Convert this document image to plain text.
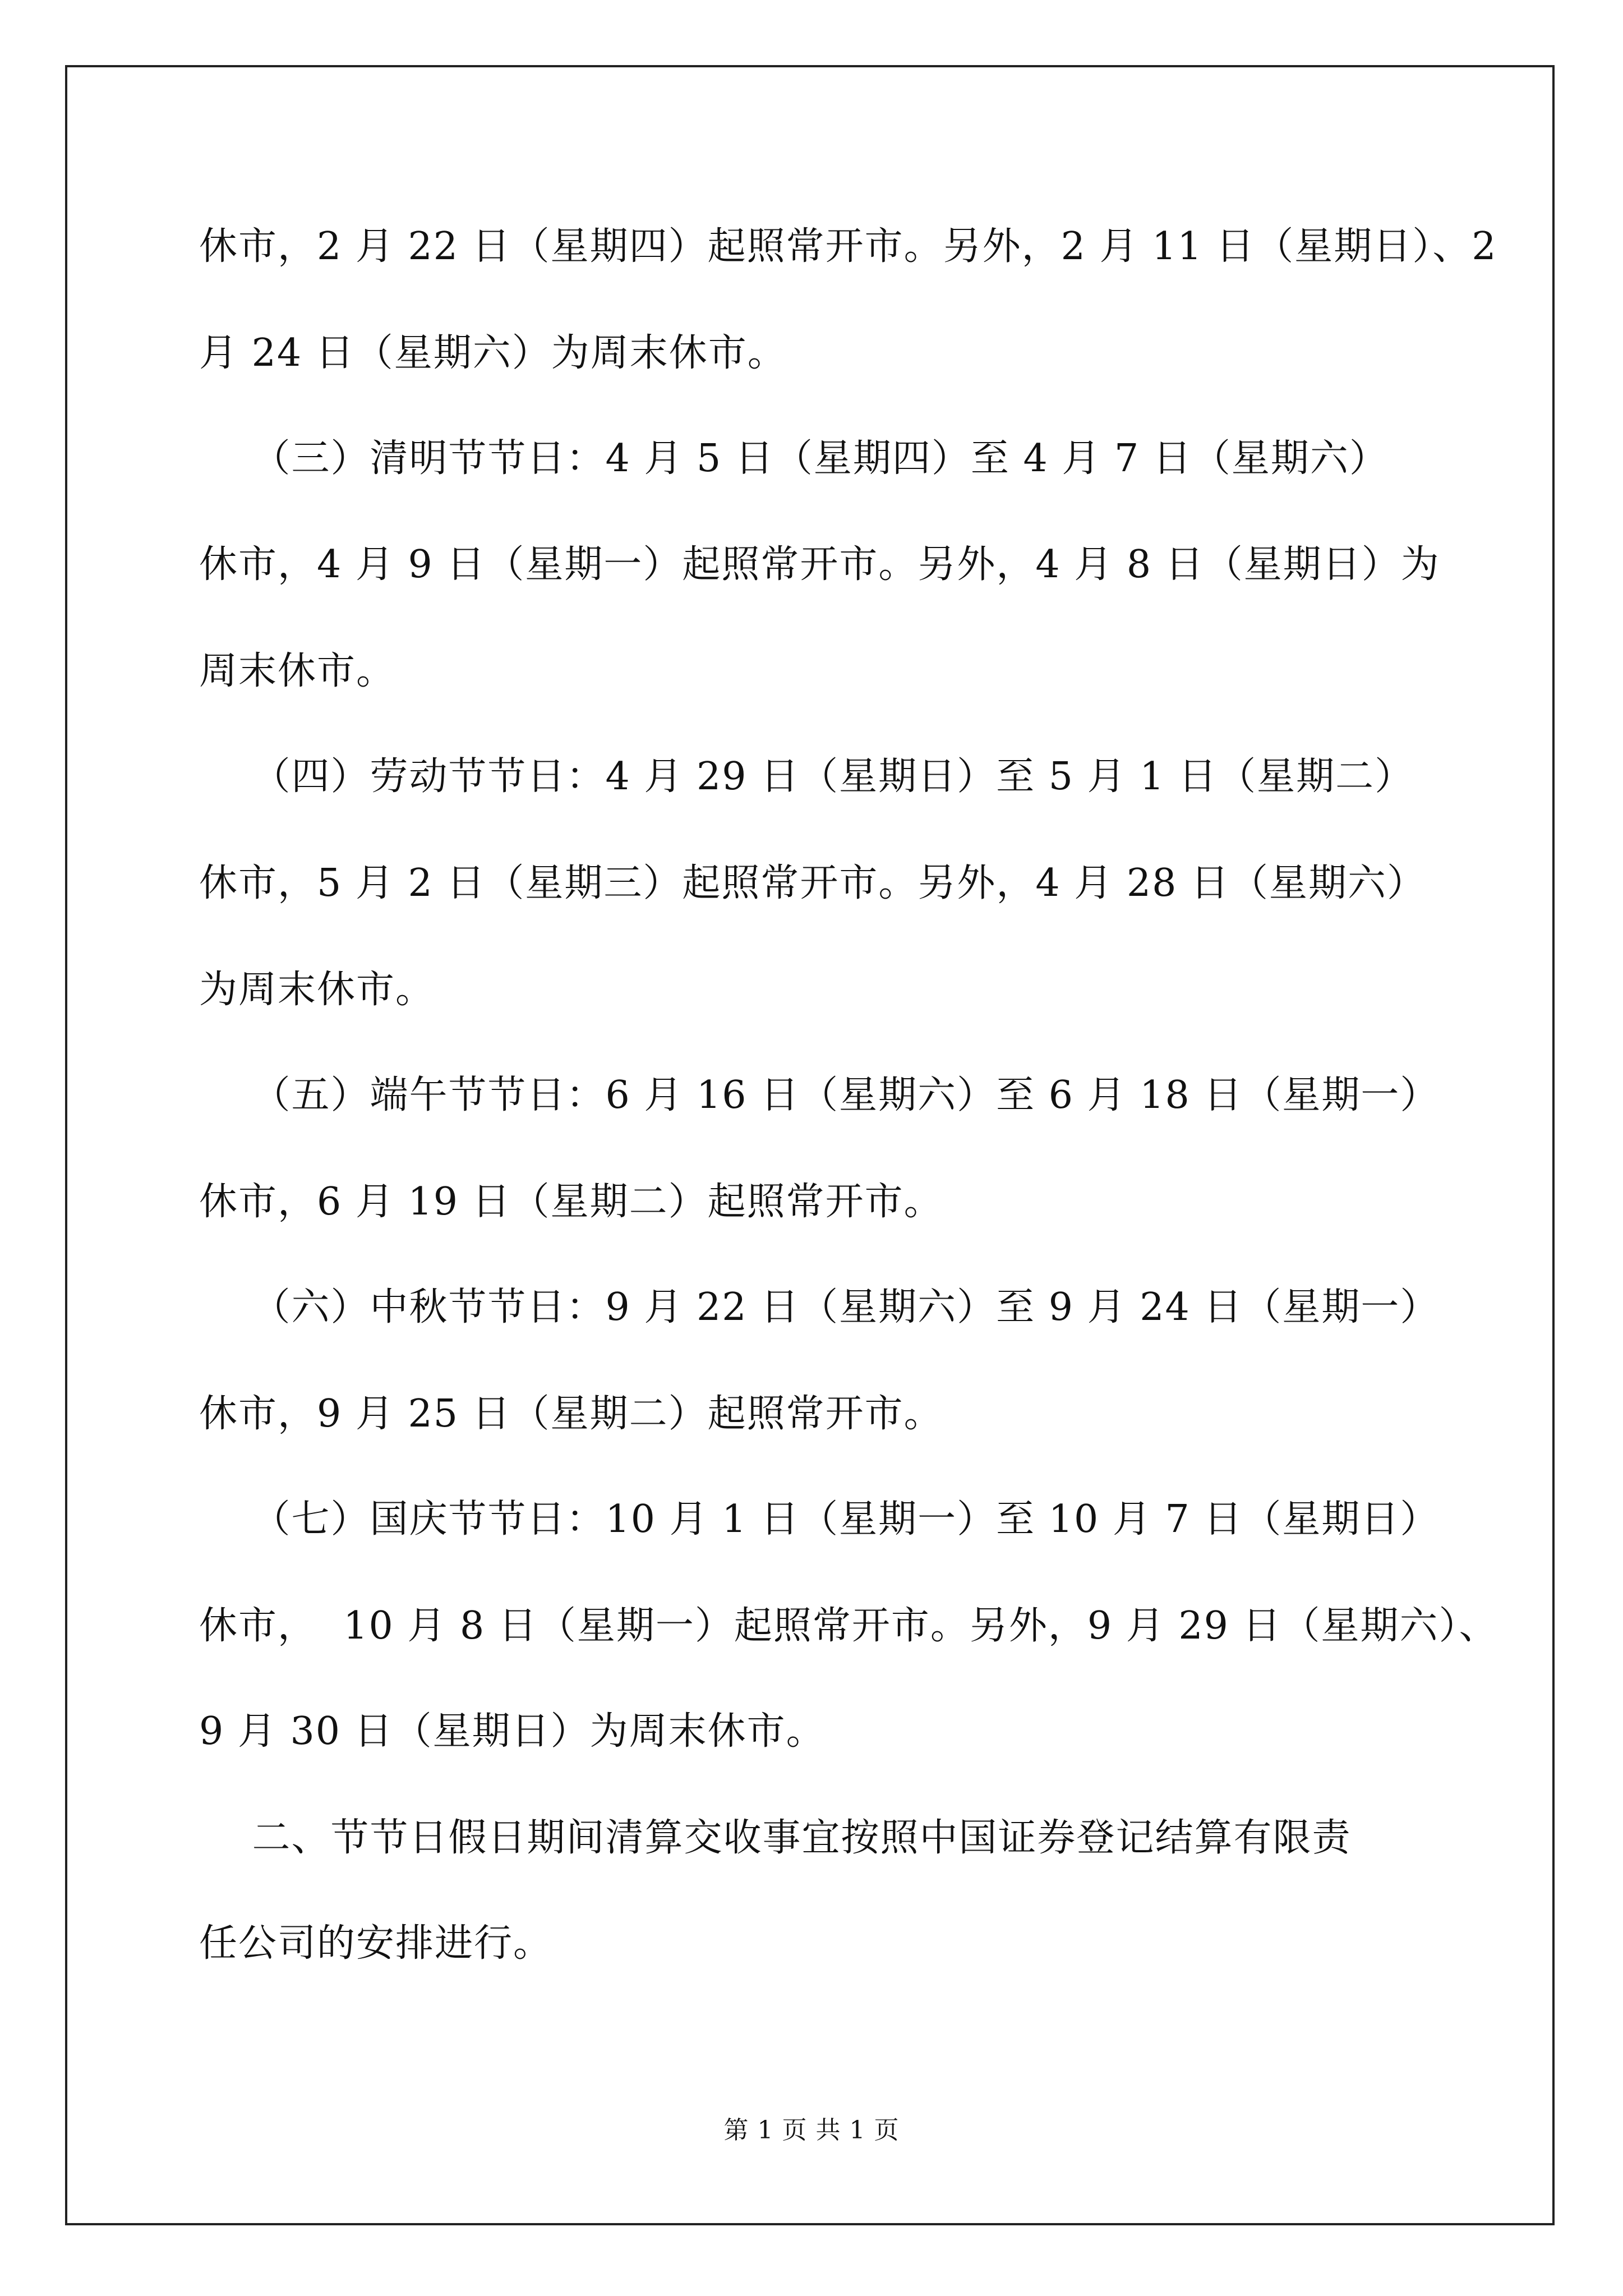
休市，2 月 22 日（星期四）起照常开市。另外，2 月 11 日（星期日）、2
月 24 日（星期六）为周末休市。
（三）清明节节日：4 月 5 日（星期四）至 4 月 7 日（星期六）
休市，4 月 9 日（星期一）起照常开市。另外，4 月 8 日（星期日）为
周末休市。
（四）劳动节节日：4 月 29 日（星期日）至 5 月 1 日（星期二）
休市，5 月 2 日（星期三）起照常开市。另外，4 月 28 日（星期六）
为周末休市。
（五）端午节节日：6 月 16 日（星期六）至 6 月 18 日（星期一）
休市，6 月 19 日（星期二）起照常开市。
（六）中秋节节日：9 月 22 日（星期六）至 9 月 24 日（星期一）
休市，9 月 25 日（星期二）起照常开市。
（七）国庆节节日：10 月 1 日（星期一）至 10 月 7 日（星期日）
休市，  10 月 8 日（星期一）起照常开市。另外，9 月 29 日（星期六）、
9 月 30 日（星期日）为周末休市。
二、节节日假日期间清算交收事宜按照中国证券登记结算有限责
任公司的安排进行。
第 1 页 共 1 页
